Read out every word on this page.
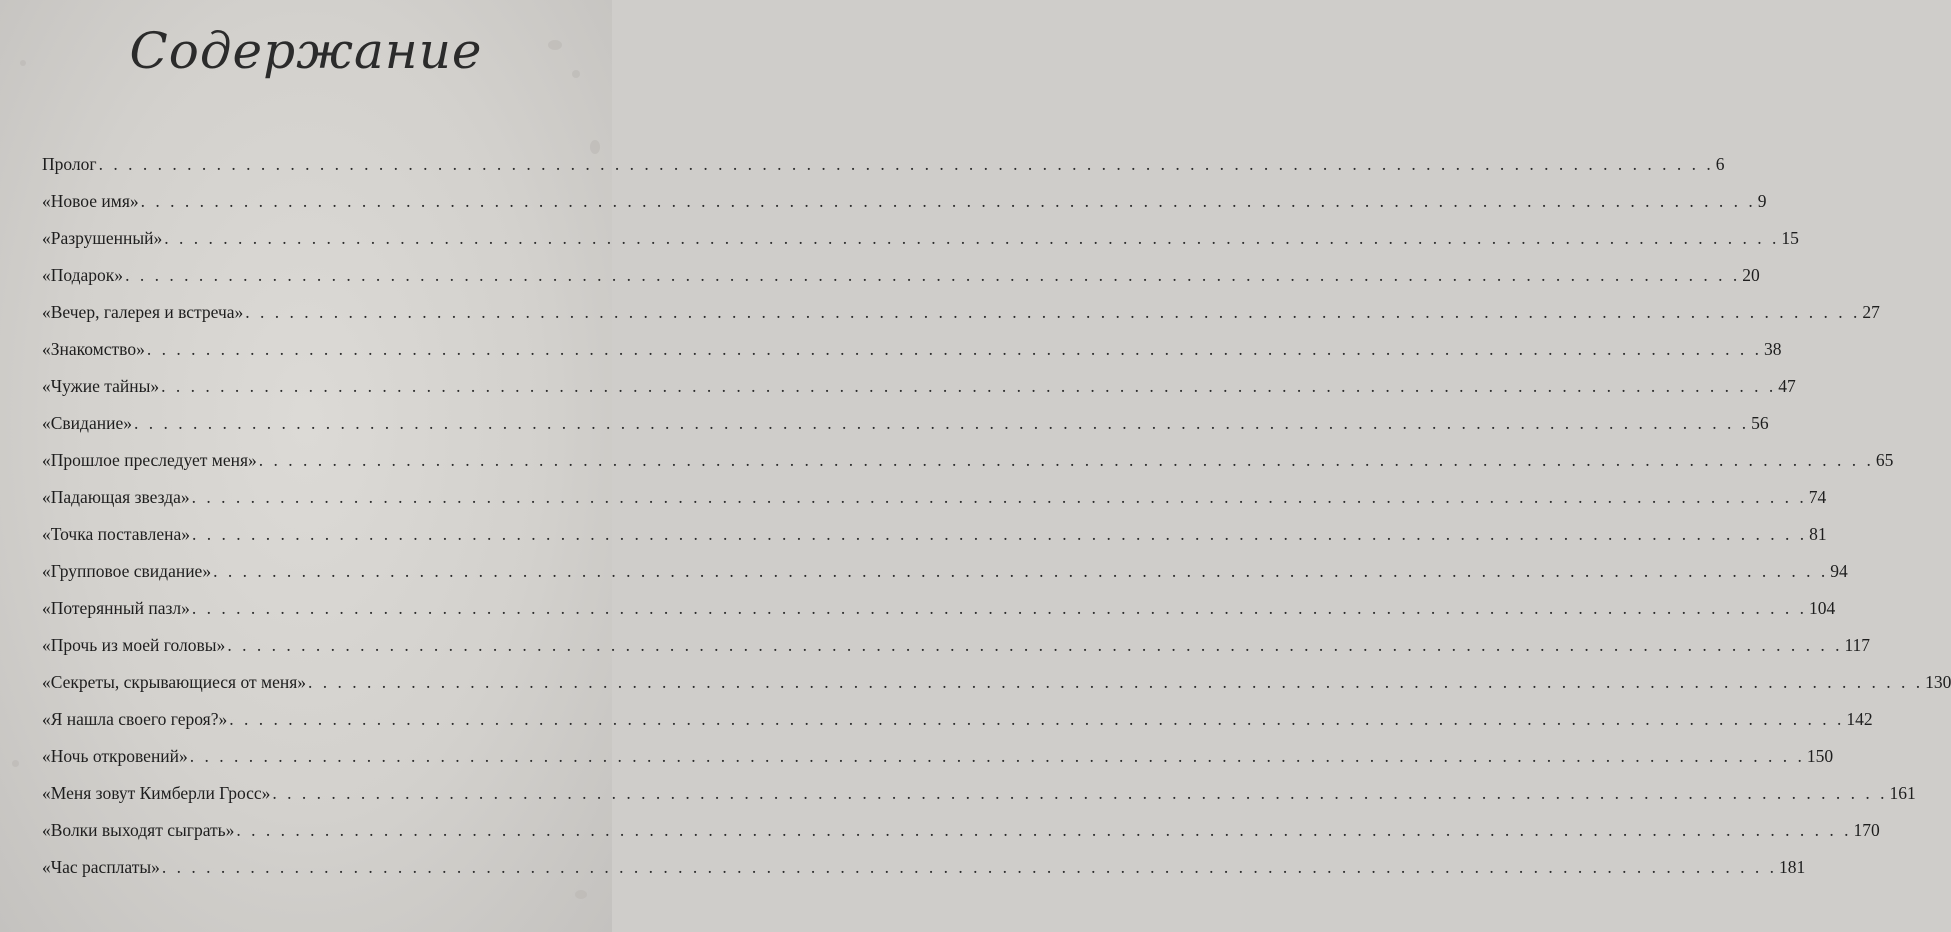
Содержание
Пролог . . . . . . . . . . . . . . . . . . . . . . . . . . . . . . . . . . . . . . . . . . . . . . . . . . . . . . . . . . . . . . . . . . . . . . . . . . . . . . . . . . . . . . . . . . . . . . . . . . . . . . . . . . . . . . 6
«Новое имя» . . . . . . . . . . . . . . . . . . . . . . . . . . . . . . . . . . . . . . . . . . . . . . . . . . . . . . . . . . . . . . . . . . . . . . . . . . . . . . . . . . . . . . . . . . . . . . . . . . . . . . . . . . . . . . 9
«Разрушенный» . . . . . . . . . . . . . . . . . . . . . . . . . . . . . . . . . . . . . . . . . . . . . . . . . . . . . . . . . . . . . . . . . . . . . . . . . . . . . . . . . . . . . . . . . . . . . . . . . . . . . . . . . . . . . . 15
«Подарок» . . . . . . . . . . . . . . . . . . . . . . . . . . . . . . . . . . . . . . . . . . . . . . . . . . . . . . . . . . . . . . . . . . . . . . . . . . . . . . . . . . . . . . . . . . . . . . . . . . . . . . . . . . . . . . 20
«Вечер, галерея и встреча» . . . . . . . . . . . . . . . . . . . . . . . . . . . . . . . . . . . . . . . . . . . . . . . . . . . . . . . . . . . . . . . . . . . . . . . . . . . . . . . . . . . . . . . . . . . . . . . . . . . . . . . . . . . . . . 27
«Знакомство» . . . . . . . . . . . . . . . . . . . . . . . . . . . . . . . . . . . . . . . . . . . . . . . . . . . . . . . . . . . . . . . . . . . . . . . . . . . . . . . . . . . . . . . . . . . . . . . . . . . . . . . . . . . . . . 38
«Чужие тайны» . . . . . . . . . . . . . . . . . . . . . . . . . . . . . . . . . . . . . . . . . . . . . . . . . . . . . . . . . . . . . . . . . . . . . . . . . . . . . . . . . . . . . . . . . . . . . . . . . . . . . . . . . . . . . . 47
«Свидание» . . . . . . . . . . . . . . . . . . . . . . . . . . . . . . . . . . . . . . . . . . . . . . . . . . . . . . . . . . . . . . . . . . . . . . . . . . . . . . . . . . . . . . . . . . . . . . . . . . . . . . . . . . . . . . 56
«Прошлое преследует меня» . . . . . . . . . . . . . . . . . . . . . . . . . . . . . . . . . . . . . . . . . . . . . . . . . . . . . . . . . . . . . . . . . . . . . . . . . . . . . . . . . . . . . . . . . . . . . . . . . . . . . . . . . . . . . . 65
«Падающая звезда» . . . . . . . . . . . . . . . . . . . . . . . . . . . . . . . . . . . . . . . . . . . . . . . . . . . . . . . . . . . . . . . . . . . . . . . . . . . . . . . . . . . . . . . . . . . . . . . . . . . . . . . . . . . . . . 74
«Точка поставлена» . . . . . . . . . . . . . . . . . . . . . . . . . . . . . . . . . . . . . . . . . . . . . . . . . . . . . . . . . . . . . . . . . . . . . . . . . . . . . . . . . . . . . . . . . . . . . . . . . . . . . . . . . . . . . . 81
«Групповое свидание» . . . . . . . . . . . . . . . . . . . . . . . . . . . . . . . . . . . . . . . . . . . . . . . . . . . . . . . . . . . . . . . . . . . . . . . . . . . . . . . . . . . . . . . . . . . . . . . . . . . . . . . . . . . . . . 94
«Потерянный пазл» . . . . . . . . . . . . . . . . . . . . . . . . . . . . . . . . . . . . . . . . . . . . . . . . . . . . . . . . . . . . . . . . . . . . . . . . . . . . . . . . . . . . . . . . . . . . . . . . . . . . . . . . . . . . . . 104
«Прочь из моей головы» . . . . . . . . . . . . . . . . . . . . . . . . . . . . . . . . . . . . . . . . . . . . . . . . . . . . . . . . . . . . . . . . . . . . . . . . . . . . . . . . . . . . . . . . . . . . . . . . . . . . . . . . . . . . . . 117
«Секреты, скрывающиеся от меня» . . . . . . . . . . . . . . . . . . . . . . . . . . . . . . . . . . . . . . . . . . . . . . . . . . . . . . . . . . . . . . . . . . . . . . . . . . . . . . . . . . . . . . . . . . . . . . . . . . . . . . . . . . . . . . 130
«Я нашла своего героя?» . . . . . . . . . . . . . . . . . . . . . . . . . . . . . . . . . . . . . . . . . . . . . . . . . . . . . . . . . . . . . . . . . . . . . . . . . . . . . . . . . . . . . . . . . . . . . . . . . . . . . . . . . . . . . . 142
«Ночь откровений» . . . . . . . . . . . . . . . . . . . . . . . . . . . . . . . . . . . . . . . . . . . . . . . . . . . . . . . . . . . . . . . . . . . . . . . . . . . . . . . . . . . . . . . . . . . . . . . . . . . . . . . . . . . . . . 150
«Меня зовут Кимберли Гросс» . . . . . . . . . . . . . . . . . . . . . . . . . . . . . . . . . . . . . . . . . . . . . . . . . . . . . . . . . . . . . . . . . . . . . . . . . . . . . . . . . . . . . . . . . . . . . . . . . . . . . . . . . . . . . . 161
«Волки выходят сыграть» . . . . . . . . . . . . . . . . . . . . . . . . . . . . . . . . . . . . . . . . . . . . . . . . . . . . . . . . . . . . . . . . . . . . . . . . . . . . . . . . . . . . . . . . . . . . . . . . . . . . . . . . . . . . . . 170
«Час расплаты» . . . . . . . . . . . . . . . . . . . . . . . . . . . . . . . . . . . . . . . . . . . . . . . . . . . . . . . . . . . . . . . . . . . . . . . . . . . . . . . . . . . . . . . . . . . . . . . . . . . . . . . . . . . . . . 181
